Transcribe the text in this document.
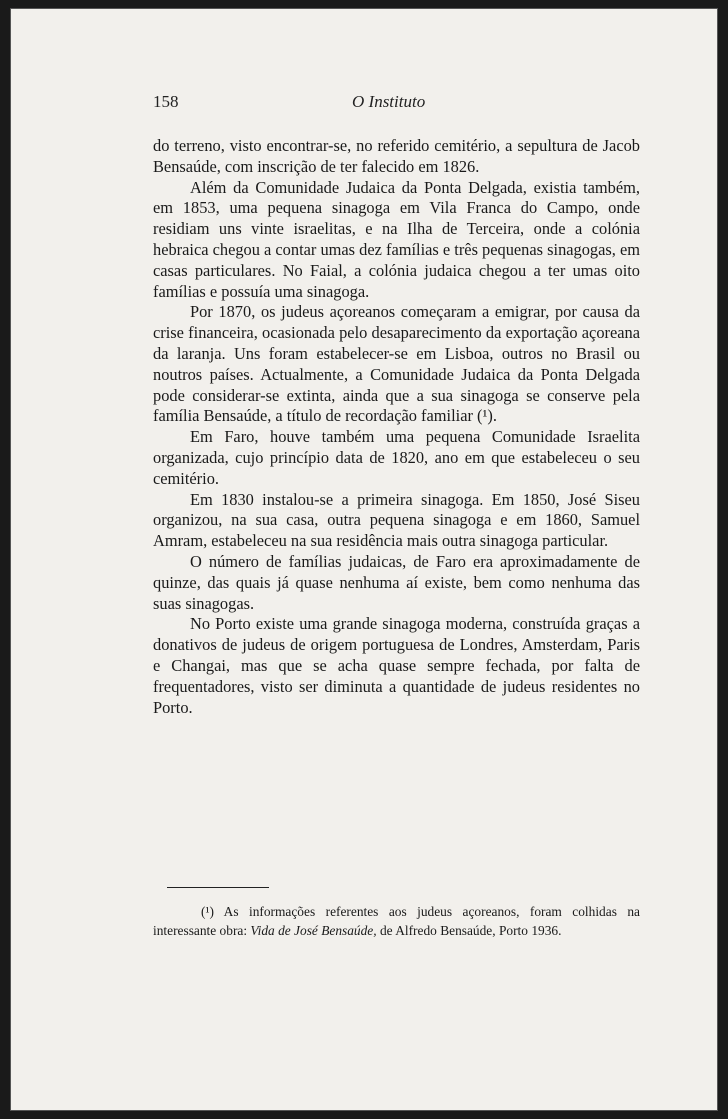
158	O Instituto

do terreno, visto encontrar-se, no referido cemitério, a sepultura de Jacob Bensaúde, com inscrição de ter falecido em 1826.

Além da Comunidade Judaica da Ponta Delgada, existia também, em 1853, uma pequena sinagoga em Vila Franca do Campo, onde residiam uns vinte israelitas, e na Ilha de Terceira, onde a colónia hebraica chegou a contar umas dez famílias e três pequenas sinagogas, em casas particulares. No Faial, a colónia judaica chegou a ter umas oito famílias e possuía uma sinagoga.

Por 1870, os judeus açoreanos começaram a emigrar, por causa da crise financeira, ocasionada pelo desaparecimento da exportação açoreana da laranja. Uns foram estabelecer-se em Lisboa, outros no Brasil ou noutros países. Actualmente, a Comunidade Judaica da Ponta Delgada pode considerar-se extinta, ainda que a sua sinagoga se conserve pela família Bensaúde, a título de recordação familiar (¹).

Em Faro, houve também uma pequena Comunidade Israelita organizada, cujo princípio data de 1820, ano em que estabeleceu o seu cemitério.

Em 1830 instalou-se a primeira sinagoga. Em 1850, José Siseu organizou, na sua casa, outra pequena sinagoga e em 1860, Samuel Amram, estabeleceu na sua residência mais outra sinagoga particular.

O número de famílias judaicas, de Faro era aproximadamente de quinze, das quais já quase nenhuma aí existe, bem como nenhuma das suas sinagogas.

No Porto existe uma grande sinagoga moderna, construída graças a donativos de judeus de origem portuguesa de Londres, Amsterdam, Paris e Changai, mas que se acha quase sempre fechada, por falta de frequentadores, visto ser diminuta a quantidade de judeus residentes no Porto.

(¹) As informações referentes aos judeus açoreanos, foram colhidas na interessante obra: Vida de José Bensaúde, de Alfredo Bensaúde, Porto 1936.
